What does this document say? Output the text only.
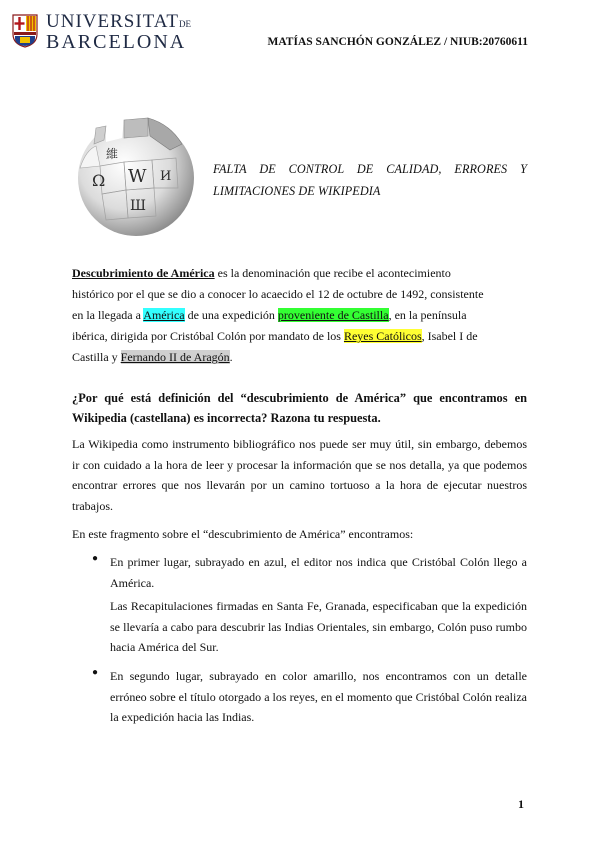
UNIVERSITATDE
BARCELONA	MATÍAS SANCHÓN GONZÁLEZ / NIUB:20760611
Ω W И
Ш
維
FALTA DE CONTROL DE CALIDAD, ERRORES Y LIMITACIONES DE WIKIPEDIA
Descubrimiento de América es la denominación que recibe el acontecimiento
histórico por el que se dio a conocer lo acaecido el 12 de octubre de 1492, consistente
en la llegada a América de una expedición proveniente de Castilla, en la península
ibérica, dirigida por Cristóbal Colón por mandato de los Reyes Católicos, Isabel I de
Castilla y Fernando II de Aragón.
¿Por qué está definición del “descubrimiento de América” que encontramos en Wikipedia (castellana) es incorrecta? Razona tu respuesta.
La Wikipedia como instrumento bibliográfico nos puede ser muy útil, sin embargo, debemos ir con cuidado a la hora de leer y procesar la información que se nos detalla, ya que podemos encontrar errores que nos llevarán por un camino tortuoso a la hora de ejecutar nuestros trabajos.
En este fragmento sobre el “descubrimiento de América” encontramos:
● En primer lugar, subrayado en azul, el editor nos indica que Cristóbal Colón llego a América.
Las Recapitulaciones firmadas en Santa Fe, Granada, especificaban que la expedición se llevaría a cabo para descubrir las Indias Orientales, sin embargo, Colón puso rumbo hacia América del Sur.
● En segundo lugar, subrayado en color amarillo, nos encontramos con un detalle erróneo sobre el título otorgado a los reyes, en el momento que Cristóbal Colón realiza la expedición hacia las Indias.
1
